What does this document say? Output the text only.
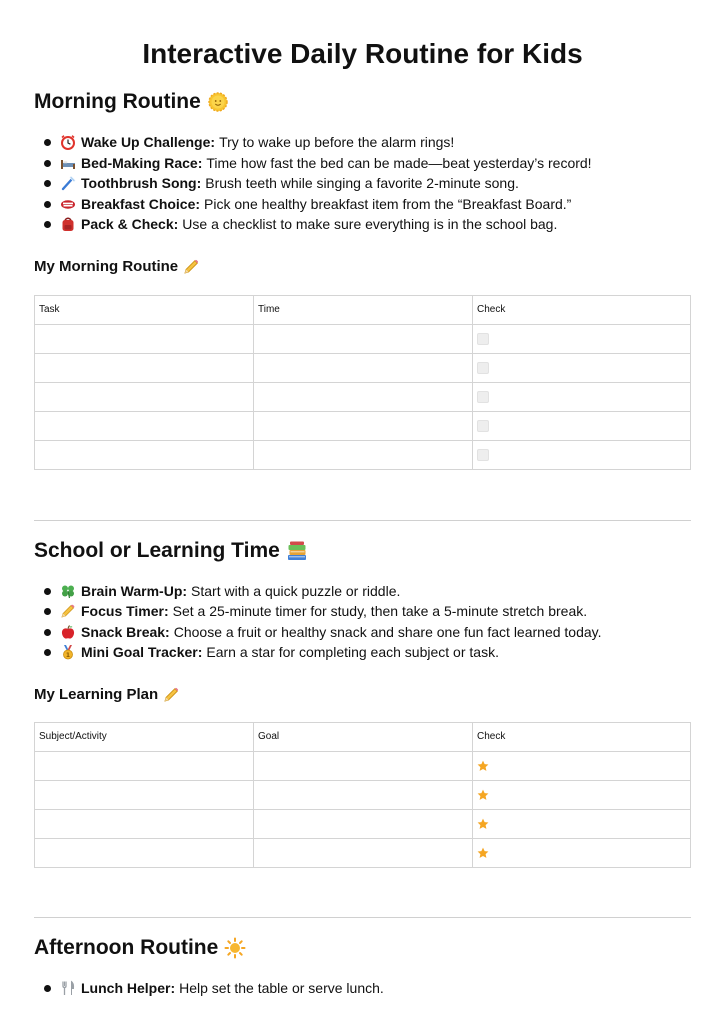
Interactive Daily Routine for Kids
Morning Routine
Wake Up Challenge: Try to wake up before the alarm rings!
Bed-Making Race: Time how fast the bed can be made—beat yesterday’s record!
Toothbrush Song: Brush teeth while singing a favorite 2-minute song.
Breakfast Choice: Pick one healthy breakfast item from the “Breakfast Board.”
Pack & Check: Use a checklist to make sure everything is in the school bag.
My Morning Routine
Task	Time	Check

School or Learning Time
Brain Warm-Up: Start with a quick puzzle or riddle.
Focus Timer: Set a 25-minute timer for study, then take a 5-minute stretch break.
Snack Break: Choose a fruit or healthy snack and share one fun fact learned today.
1 Mini Goal Tracker: Earn a star for completing each subject or task.
My Learning Plan
Subject/Activity	Goal	Check

Afternoon Routine
Lunch Helper: Help set the table or serve lunch.
